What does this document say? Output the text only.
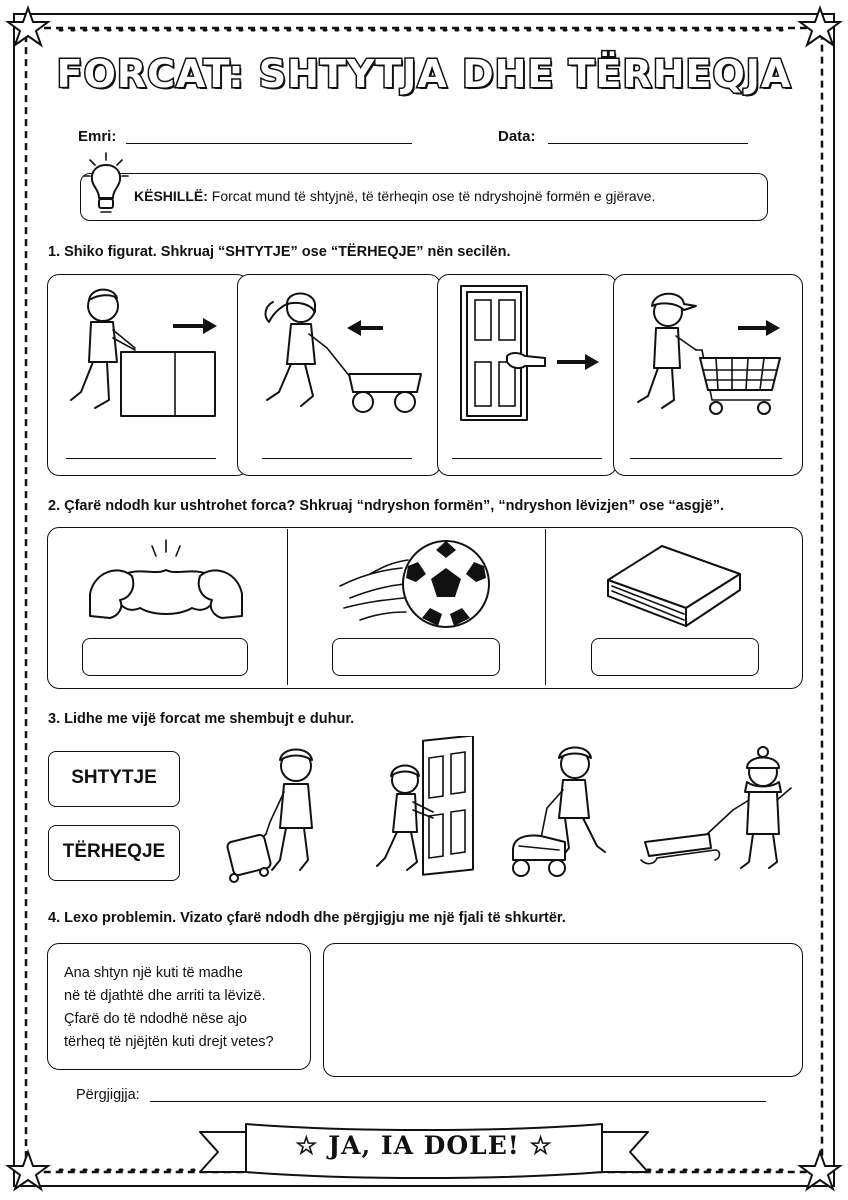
FORCAT: SHTYTJA DHE TËRHEQJA
Emri:	Data:
KËSHILLË: Forcat mund të shtyjnë, të tërheqin ose të ndryshojnë formën e gjërave.
1. Shiko figurat. Shkruaj “SHTYTJE” ose “TËRHEQJE” nën secilën.
2. Çfarë ndodh kur ushtrohet forca? Shkruaj “ndryshon formën”, “ndryshon lëvizjen” ose “asgjë”.
3. Lidhe me vijë forcat me shembujt e duhur.
SHTYTJE
TËRHEQJE
4. Lexo problemin. Vizato çfarë ndodh dhe përgjigju me një fjali të shkurtër.
Ana shtyn një kuti të madhe
në të djathtë dhe arriti ta lëvizë.
Çfarë do të ndodhë nëse ajo
tërheq të njëjtën kuti drejt vetes?
Përgjigjja:
☆ JA, IA DOLE! ☆
